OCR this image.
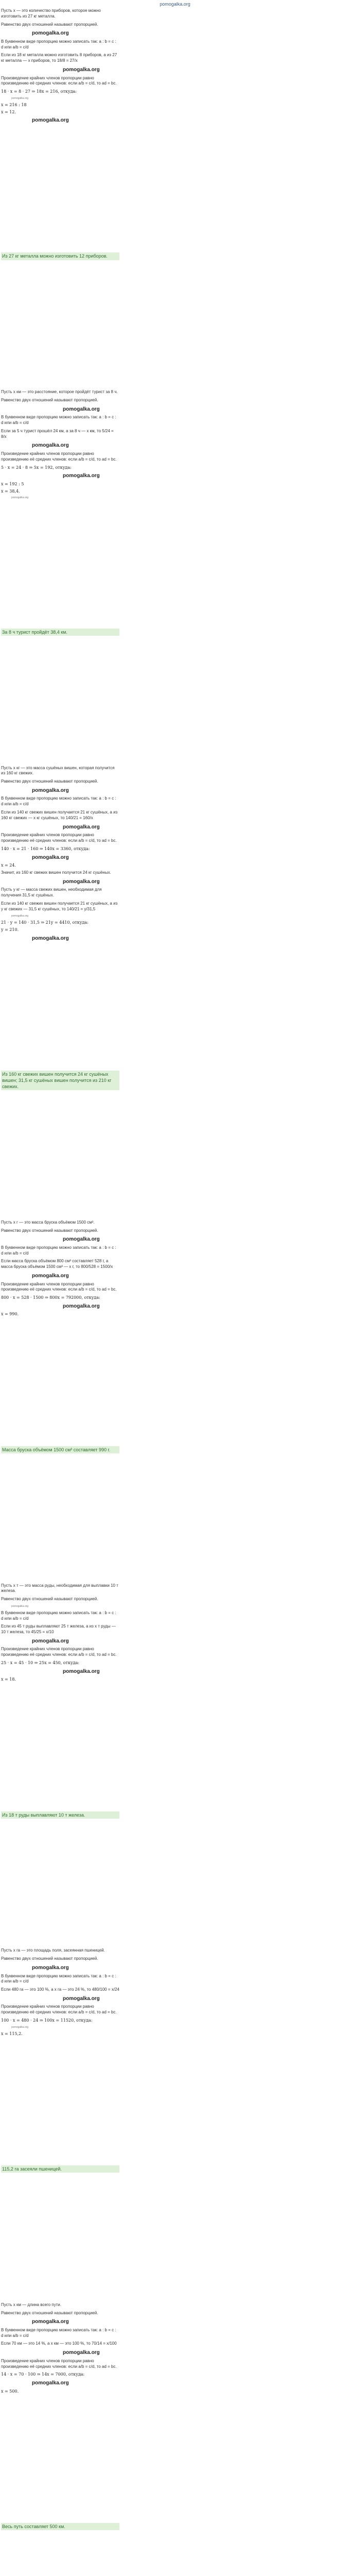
pomogalka.org
Пусть x — это количество приборов, которое можно изготовить из 27 кг металла.
Равенство двух отношений называют пропорцией.
pomogalka.org
В буквенном виде пропорцию можно записать так: a : b = c : d или a/b = c/d
Если из 18 кг металла можно изготовить 8 приборов, а из 27 кг металла — x приборов, то 18/8 = 27/x
pomogalka.org
Произведение крайних членов пропорции равно произведению её средних членов: если a/b = c/d, то ad = bc.
18 · x = 8 · 27 ⇒ 18x = 216, откуда:
pomogalka.org
x = 216 : 18
x = 12.
pomogalka.org
Из 27 кг металла можно изготовить 12 приборов.
Пусть x км — это расстояние, которое пройдёт турист за 8 ч.
Равенство двух отношений называют пропорцией.
pomogalka.org
В буквенном виде пропорцию можно записать так: a : b = c : d или a/b = c/d
Если за 5 ч турист прошёл 24 км, а за 8 ч — x км, то 5/24 = 8/x
pomogalka.org
Произведение крайних членов пропорции равно произведению её средних членов: если a/b = c/d, то ad = bc.
5 · x = 24 · 8 ⇒ 5x = 192, откуда:
pomogalka.org
x = 192 : 5
x = 38,4.
pomogalka.org
За 8 ч турист пройдёт 38,4 км.
Пусть x кг — это масса сушёных вишен, которая получится из 160 кг свежих.
Равенство двух отношений называют пропорцией.
pomogalka.org
В буквенном виде пропорцию можно записать так: a : b = c : d или a/b = c/d
Если из 140 кг свежих вишен получается 21 кг сушёных, а из 160 кг свежих — x кг сушёных, то 140/21 = 160/x
pomogalka.org
Произведение крайних членов пропорции равно произведению её средних членов: если a/b = c/d, то ad = bc.
140 · x = 21 · 160 ⇒ 140x = 3360, откуда:
pomogalka.org
x = 24.
Значит, из 160 кг свежих вишен получится 24 кг сушёных.
pomogalka.org
Пусть y кг — масса свежих вишен, необходимая для получения 31,5 кг сушёных.
Если из 140 кг свежих вишен получается 21 кг сушёных, а из y кг свежих — 31,5 кг сушёных, то 140/21 = y/31,5
pomogalka.org
21 · y = 140 · 31,5 ⇒ 21y = 4410, откуда:
y = 210.
pomogalka.org
Из 160 кг свежих вишен получится 24 кг сушёных вишен; 31,5 кг сушёных вишен получится из 210 кг свежих.
Пусть x г — это масса бруска объёмом 1500 см³.
Равенство двух отношений называют пропорцией.
pomogalka.org
В буквенном виде пропорцию можно записать так: a : b = c : d или a/b = c/d
Если масса бруска объёмом 800 см³ составляет 528 г, а масса бруска объёмом 1500 см³ — x г, то 800/528 = 1500/x
pomogalka.org
Произведение крайних членов пропорции равно произведению её средних членов: если a/b = c/d, то ad = bc.
800 · x = 528 · 1500 ⇒ 800x = 792000, откуда:
pomogalka.org
x = 990.
Масса бруска объёмом 1500 см³ составляет 990 г.
Пусть x т — это масса руды, необходимая для выплавки 10 т железа.
Равенство двух отношений называют пропорцией.
pomogalka.org
В буквенном виде пропорцию можно записать так: a : b = c : d или a/b = c/d
Если из 45 т руды выплавляют 25 т железа, а из x т руды — 10 т железа, то 45/25 = x/10
pomogalka.org
Произведение крайних членов пропорции равно произведению её средних членов: если a/b = c/d, то ad = bc.
25 · x = 45 · 10 ⇒ 25x = 450, откуда:
pomogalka.org
x = 18.
Из 18 т руды выплавляют 10 т железа.
Пусть x га — это площадь поля, засеянная пшеницей.
Равенство двух отношений называют пропорцией.
pomogalka.org
В буквенном виде пропорцию можно записать так: a : b = c : d или a/b = c/d
Если 480 га — это 100 %, а x га — это 24 %, то 480/100 = x/24
pomogalka.org
Произведение крайних членов пропорции равно произведению её средних членов: если a/b = c/d, то ad = bc.
100 · x = 480 · 24 ⇒ 100x = 11520, откуда:
pomogalka.org
x = 115,2.
115,2 га засеяли пшеницей.
Пусть x км — длина всего пути.
Равенство двух отношений называют пропорцией.
pomogalka.org
В буквенном виде пропорцию можно записать так: a : b = c : d или a/b = c/d
Если 70 км — это 14 %, а x км — это 100 %, то 70/14 = x/100
pomogalka.org
Произведение крайних членов пропорции равно произведению её средних членов: если a/b = c/d, то ad = bc.
14 · x = 70 · 100 ⇒ 14x = 7000, откуда:
pomogalka.org
x = 500.
Весь путь составляет 500 км.
